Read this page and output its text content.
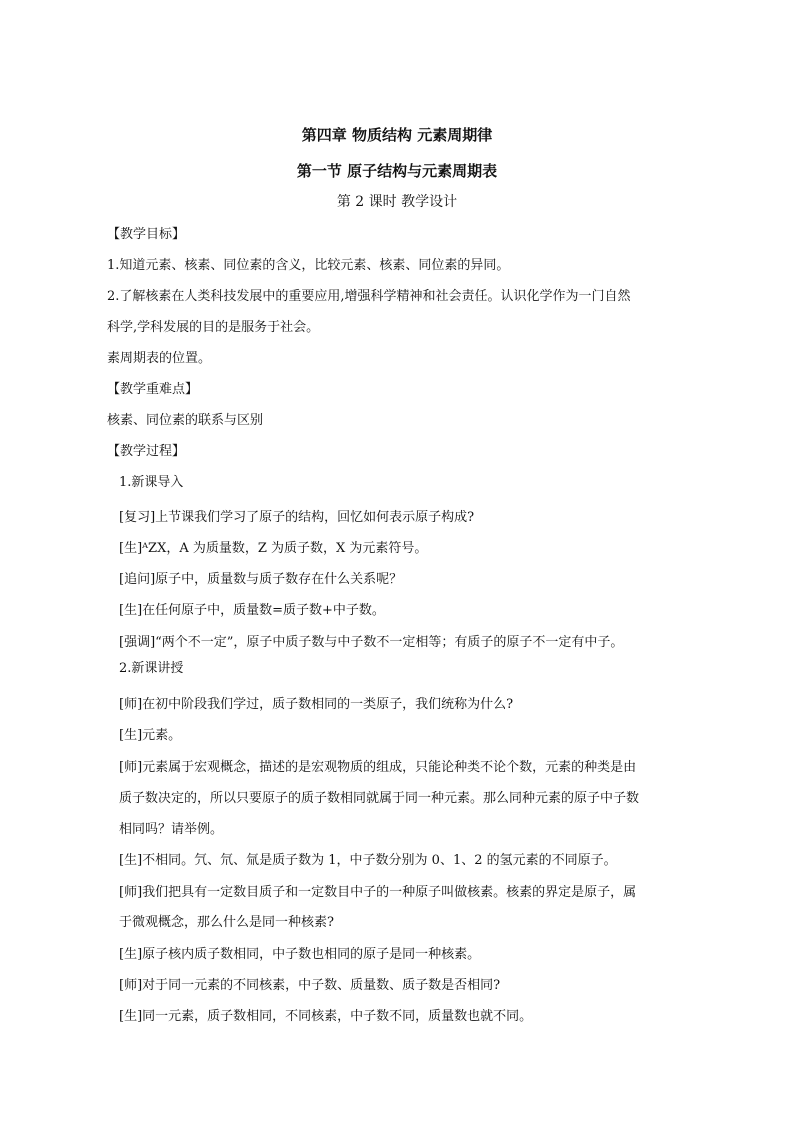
第四章 物质结构 元素周期律
第一节 原子结构与元素周期表
第 2 课时 教学设计
【教学目标】
1.知道元素、核素、同位素的含义，比较元素、核素、同位素的异同。
2.了解核素在人类科技发展中的重要应用,增强科学精神和社会责任。认识化学作为一门自然
科学,学科发展的目的是服务于社会。
素周期表的位置。
【教学重难点】
核素、同位素的联系与区别
【教学过程】
1.新课导入
[复习]上节课我们学习了原子的结构，回忆如何表示原子构成?
[生]ᴬZX，A 为质量数，Z 为质子数，X 为元素符号。
[追问]原子中，质量数与质子数存在什么关系呢？
[生]在任何原子中，质量数=质子数+中子数。
[强调]“两个不一定”，原子中质子数与中子数不一定相等；有质子的原子不一定有中子。
2.新课讲授
[师]在初中阶段我们学过，质子数相同的一类原子，我们统称为什么?
[生]元素。
[师]元素属于宏观概念，描述的是宏观物质的组成，只能论种类不论个数，元素的种类是由
质子数决定的，所以只要原子的质子数相同就属于同一种元素。那么同种元素的原子中子数
相同吗？请举例。
[生]不相同。氕、氘、氚是质子数为 1，中子数分别为 0、1、2 的氢元素的不同原子。
[师]我们把具有一定数目质子和一定数目中子的一种原子叫做核素。核素的界定是原子，属
于微观概念，那么什么是同一种核素?
[生]原子核内质子数相同，中子数也相同的原子是同一种核素。
[师]对于同一元素的不同核素，中子数、质量数、质子数是否相同?
[生]同一元素，质子数相同，不同核素，中子数不同，质量数也就不同。
